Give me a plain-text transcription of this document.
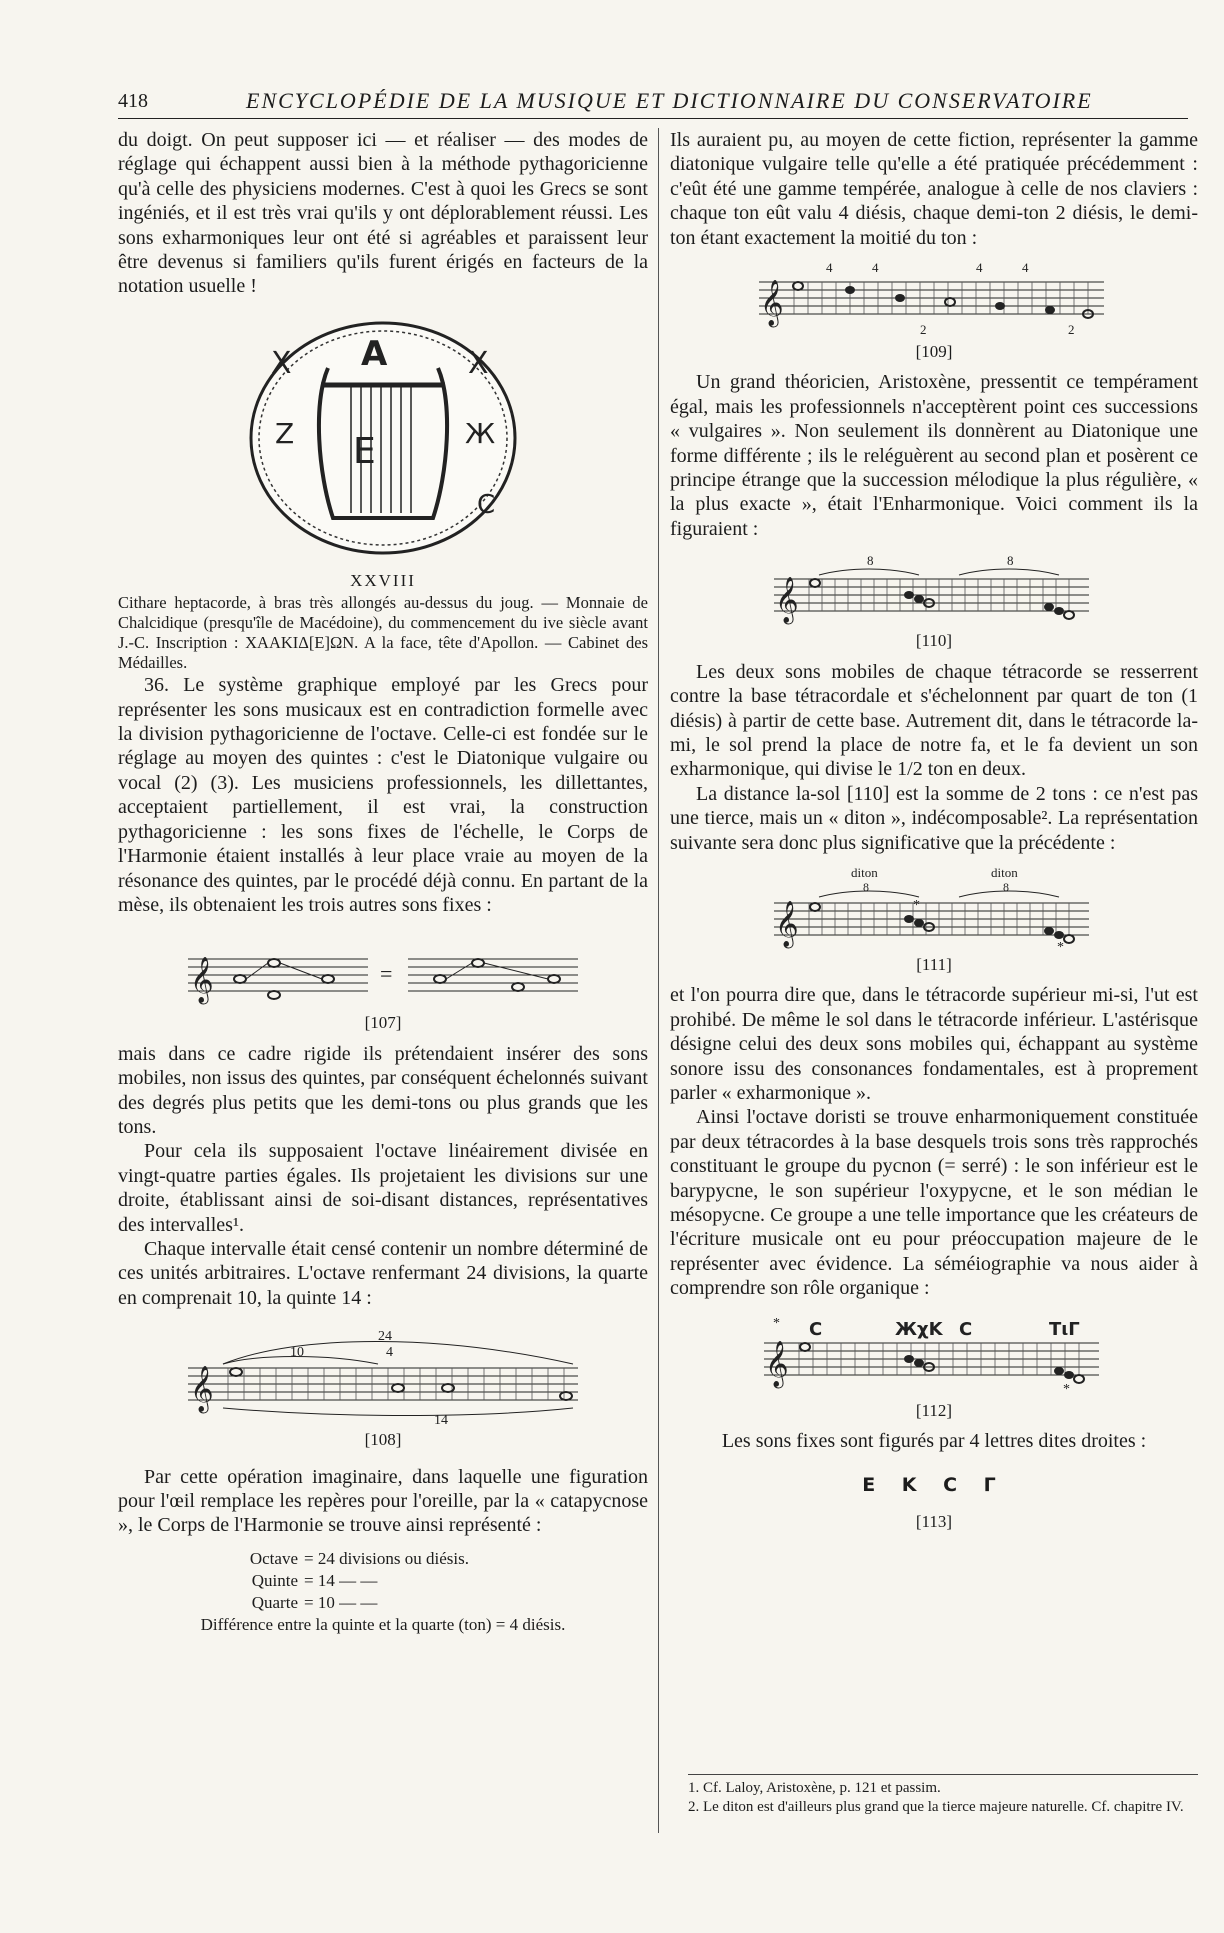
418	ENCYCLOPÉDIE DE LA MUSIQUE ET DICTIONNAIRE DU CONSERVATOIRE

du doigt. On peut supposer ici — et réaliser — des modes de réglage qui échappent aussi bien à la méthode pythagoricienne qu'à celle des physiciens modernes. C'est à quoi les Grecs se sont ingéniés, et il est très vrai qu'ils y ont déplorablement réussi. Les sons exharmoniques leur ont été si agréables et paraissent leur être devenus si familiers qu'ils furent érigés en facteurs de la notation usuelle !

A
X	X
Z	Ж
E
C
XXVIII

Cithare heptacorde, à bras très allongés au-dessus du joug. — Monnaie de Chalcidique (presqu'île de Macédoine), du commencement du ive siècle avant J.-C. Inscription : XAAKIΔ[E]ΩN. A la face, tête d'Apollon. — Cabinet des Médailles.

36. Le système graphique employé par les Grecs pour représenter les sons musicaux est en contradiction formelle avec la division pythagoricienne de l'octave. Celle-ci est fondée sur le réglage au moyen des quintes : c'est le Diatonique vulgaire ou vocal (2) (3). Les musiciens professionnels, les dillettantes, acceptaient partiellement, il est vrai, la construction pythagoricienne : les sons fixes de l'échelle, le Corps de l'Harmonie étaient installés à leur place vraie au moyen de la résonance des quintes, par le procédé déjà connu. En partant de la mèse, ils obtenaient les trois autres sons fixes :

𝄞	=
[107]

mais dans ce cadre rigide ils prétendaient insérer des sons mobiles, non issus des quintes, par conséquent échelonnés suivant des degrés plus petits que les demi-tons ou plus grands que les tons.

Pour cela ils supposaient l'octave linéairement divisée en vingt-quatre parties égales. Ils projetaient les divisions sur une droite, établissant ainsi de soi-disant distances, représentatives des intervalles¹.

Chaque intervalle était censé contenir un nombre déterminé de ces unités arbitraires. L'octave renfermant 24 divisions, la quarte en comprenait 10, la quinte 14 :

𝄞
24
10	4
14
[108]

Par cette opération imaginaire, dans laquelle une figuration pour l'œil remplace les repères pour l'oreille, par la « catapycnose », le Corps de l'Harmonie se trouve ainsi représenté :

Octave = 24 divisions ou diésis.
Quinte = 14 — —
Quarte = 10 — —
Différence entre la quinte et la quarte (ton)
= 4 diésis.

Ils auraient pu, au moyen de cette fiction, représenter la gamme diatonique vulgaire telle qu'elle a été pratiquée précédemment : c'eût été une gamme tempérée, analogue à celle de nos claviers : chaque ton eût valu 4 diésis, chaque demi-ton 2 diésis, le demi-ton étant exactement la moitié du ton :

𝄞
4	4	4	4
2	2
[109]

Un grand théoricien, Aristoxène, pressentit ce tempérament égal, mais les professionnels n'acceptèrent point ces successions « vulgaires ». Non seulement ils donnèrent au Diatonique une forme différente ; ils le reléguèrent au second plan et posèrent ce principe étrange que la succession mélodique la plus régulière, « la plus exacte », était l'Enharmonique. Voici comment ils la figuraient :

𝄞
8	8
[110]

Les deux sons mobiles de chaque tétracorde se resserrent contre la base tétracordale et s'échelonnent par quart de ton (1 diésis) à partir de cette base. Autrement dit, dans le tétracorde la-mi, le sol prend la place de notre fa, et le fa devient un son exharmonique, qui divise le 1/2 ton en deux.

La distance la-sol [110] est la somme de 2 tons : ce n'est pas une tierce, mais un « diton », indécomposable². La représentation suivante sera donc plus significative que la précédente :

𝄞	*
*
diton
8
diton
8
[111]

et l'on pourra dire que, dans le tétracorde supérieur mi-si, l'ut est prohibé. De même le sol dans le tétracorde inférieur. L'astérisque désigne celui des deux sons mobiles qui, échappant au système sonore issu des consonances fondamentales, est à proprement parler « exharmonique ».

Ainsi l'octave doristi se trouve enharmoniquement constituée par deux tétracordes à la base desquels trois sons très rapprochés constituant le groupe du pycnon (= serré) : le son inférieur est le barypycne, le son supérieur l'oxypycne, et le son médian le mésopycne. Ce groupe a une telle importance que les créateurs de l'écriture musicale ont eu pour préoccupation majeure de le représenter avec évidence. La séméiographie va nous aider à comprendre son rôle organique :

𝄞
*
* C	ЖχK C	ΤιΓ
[112]

Les sons fixes sont figurés par 4 lettres dites droites :

E K C Γ
[113]

1. Cf. Laloy, Aristoxène, p. 121 et passim.

2. Le diton est d'ailleurs plus grand que la tierce majeure naturelle. Cf. chapitre IV.
